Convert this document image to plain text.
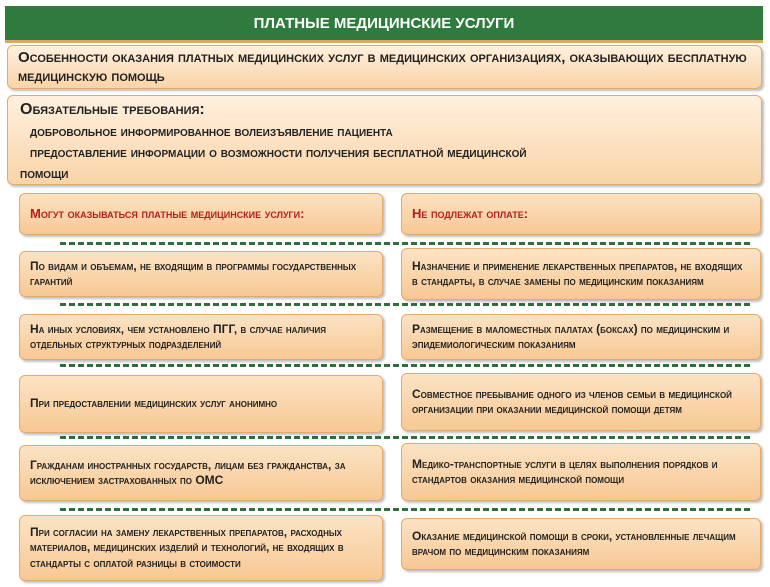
ПЛАТНЫЕ МЕДИЦИНСКИЕ УСЛУГИ
Особенности оказания платных медицинских услуг в медицинских организациях, оказывающих бесплатную медицинскую помощь
Обязательные требования:
добровольное информированное волеизъявление пациента
предоставление информации о возможности получения бесплатной медицинской
помощи
Могут оказываться платные медицинские услуги:	Не подлежат оплате:
По видам и объемам, не входящим в программы государственных гарантий
На иных условиях, чем установлено ПГГ, в случае наличия отдельных структурных подразделений
При предоставлении медицинских услуг анонимно
Гражданам иностранных государств, лицам без гражданства, за исключением застрахованных по ОМС
При согласии на замену лекарственных препаратов, расходных материалов, медицинских изделий и технологий, не входящих в стандарты с оплатой разницы в стоимости
Назначение и применение лекарственных препаратов, не входящих в стандарты, в случае замены по медицинским показаниям
Размещение в маломестных палатах (боксах) по медицинским и эпидемиологическим показаниям
Совместное пребывание одного из членов семьи в медицинской организации при оказании медицинской помощи детям
Медико-транспортные услуги в целях выполнения порядков и стандартов оказания медицинской помощи
Оказание медицинской помощи в сроки, установленные лечащим врачом по медицинским показаниям
